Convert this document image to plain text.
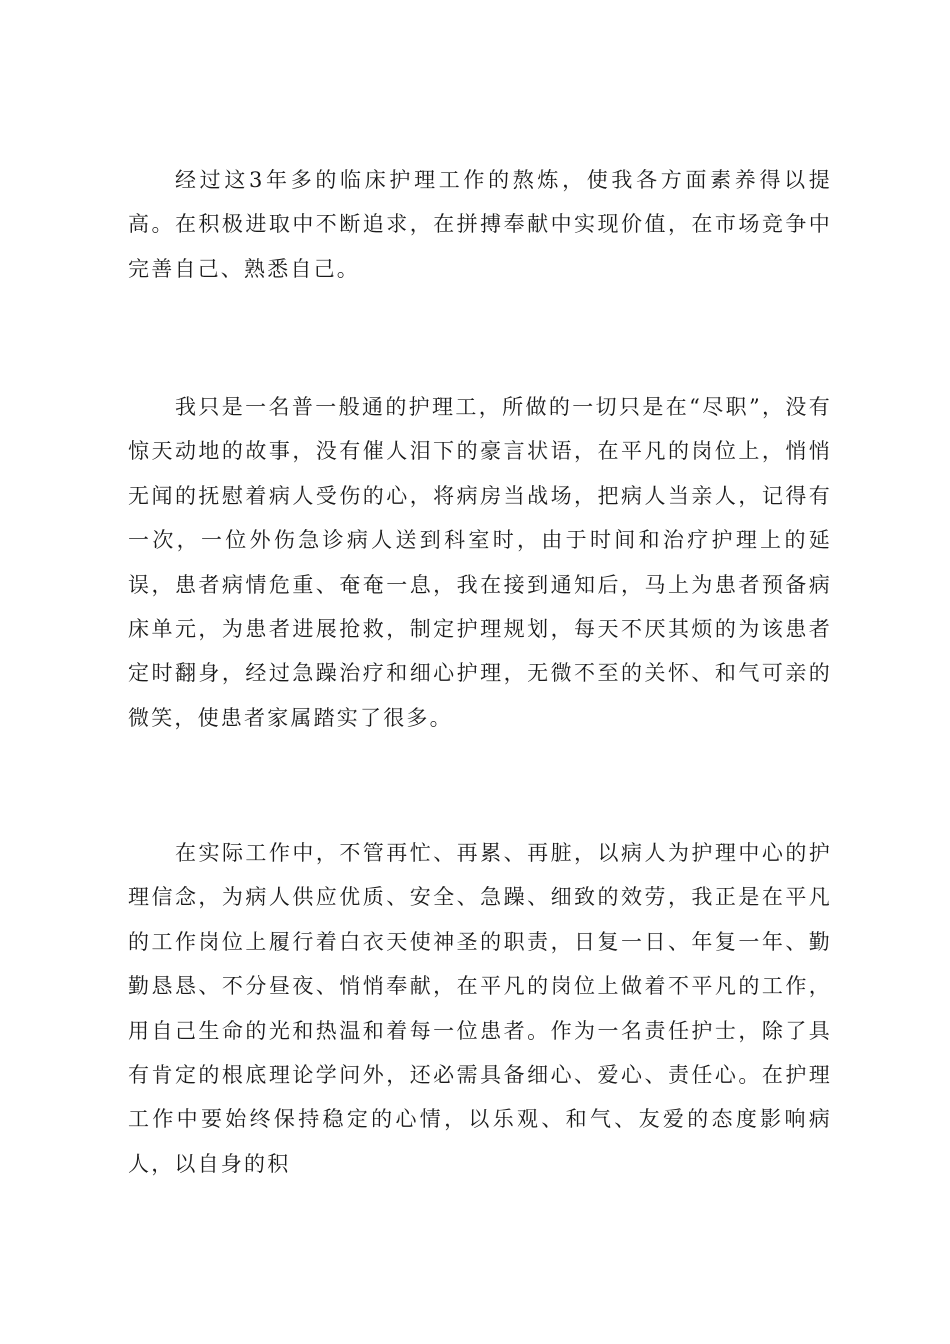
经过这3年多的临床护理工作的熬炼，使我各方面素养得以提高。在积极进取中不断追求，在拼搏奉献中实现价值，在市场竞争中完善自己、熟悉自己。

我只是一名普一般通的护理工，所做的一切只是在“尽职”，没有惊天动地的故事，没有催人泪下的豪言状语，在平凡的岗位上，悄悄无闻的抚慰着病人受伤的心，将病房当战场，把病人当亲人，记得有一次，一位外伤急诊病人送到科室时，由于时间和治疗护理上的延误，患者病情危重、奄奄一息，我在接到通知后，马上为患者预备病床单元，为患者进展抢救，制定护理规划，每天不厌其烦的为该患者定时翻身，经过急躁治疗和细心护理，无微不至的关怀、和气可亲的微笑，使患者家属踏实了很多。

在实际工作中，不管再忙、再累、再脏，以病人为护理中心的护理信念，为病人供应优质、安全、急躁、细致的效劳，我正是在平凡的工作岗位上履行着白衣天使神圣的职责，日复一日、年复一年、勤勤恳恳、不分昼夜、悄悄奉献，在平凡的岗位上做着不平凡的工作，用自己生命的光和热温和着每一位患者。作为一名责任护士，除了具有肯定的根底理论学问外，还必需具备细心、爱心、责任心。在护理工作中要始终保持稳定的心情，以乐观、和气、友爱的态度影响病人，以自身的积
